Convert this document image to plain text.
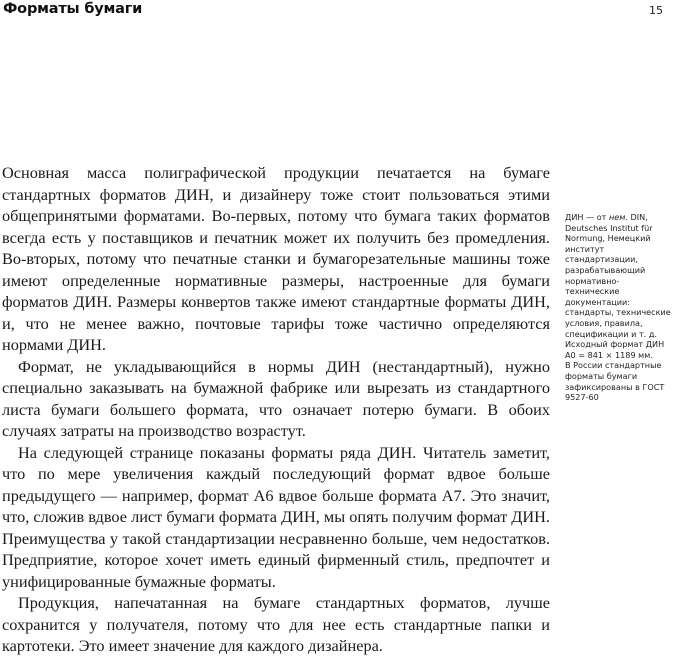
Форматы бумаги	15

Основная масса полиграфической продукции печатается на бумаге стандартных форматов ДИН, и дизайнеру тоже стоит пользоваться этими общепринятыми форматами. Во-первых, потому что бумага таких форматов всегда есть у поставщиков и печатник может их получить без промедления. Во-вторых, потому что печатные станки и бумагорезательные машины тоже имеют определенные нормативные размеры, настроенные для бумаги форматов ДИН. Размеры конвертов также имеют стандартные форматы ДИН, и, что не менее важно, почтовые тарифы тоже частично определяются нормами ДИН.

Формат, не укладывающийся в нормы ДИН (нестандартный), нужно специально заказывать на бумажной фабрике или вырезать из стандартного листа бумаги большего формата, что означает потерю бумаги. В обоих случаях затраты на производство возрастут.

На следующей странице показаны форматы ряда ДИН. Читатель заметит, что по мере увеличения каждый последующий формат вдвое больше предыдущего — например, формат А6 вдвое больше формата А7. Это значит, что, сложив вдвое лист бумаги формата ДИН, мы опять получим формат ДИН. Преимущества у такой стандартизации несравненно больше, чем недостатков. Предприятие, которое хочет иметь единый фирменный стиль, предпочтет и унифицированные бумажные форматы.

Продукция, напечатанная на бумаге стандартных форматов, лучше сохранится у получателя, потому что для нее есть стандартные папки и картотеки. Это имеет значение для каждого дизайнера.

ДИН — от нем. DIN, Deutsches Institut für Normung, Немецкий институт стандартизации, разрабатывающий нормативно-технические документации: стандарты, технические условия, правила, спецификации и т. д.

Исходный формат ДИН А0 = 841 × 1189 мм.

В России стандартные форматы бумаги зафиксированы в ГОСТ 9527-60
